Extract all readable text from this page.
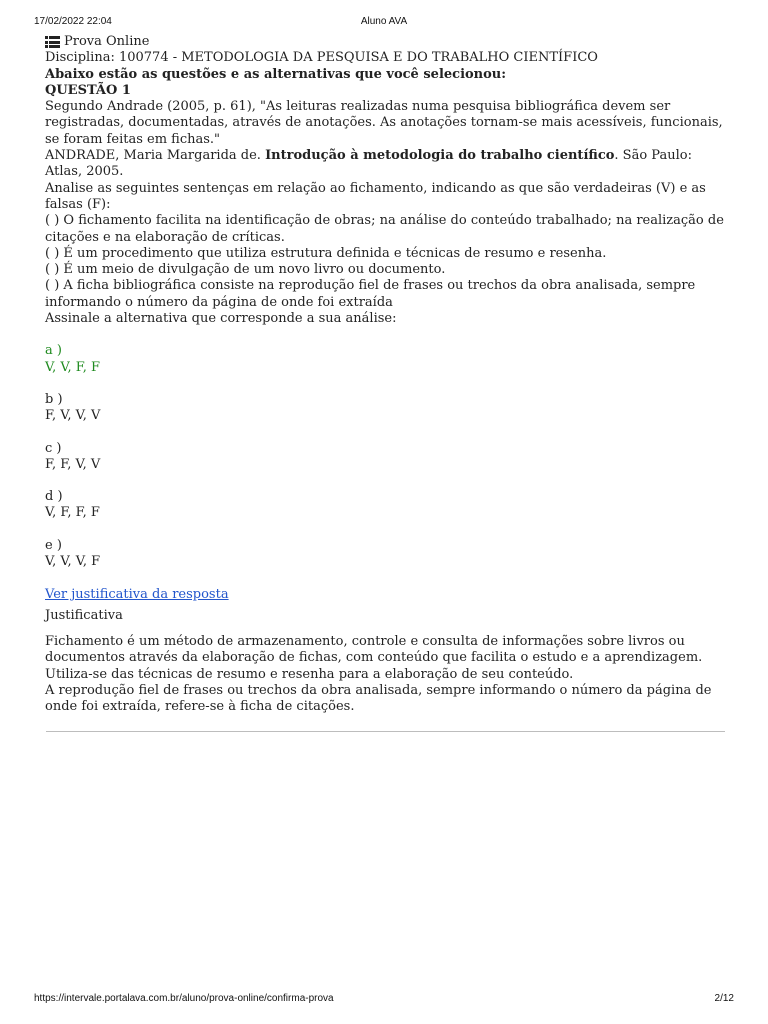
17/02/2022 22:04	Aluno AVA
Prova Online
Disciplina: 100774 - METODOLOGIA DA PESQUISA E DO TRABALHO CIENTÍFICO
Abaixo estão as questões e as alternativas que você selecionou:
QUESTÃO 1
Segundo Andrade (2005, p. 61), "As leituras realizadas numa pesquisa bibliográfica devem ser registradas, documentadas, através de anotações. As anotações tornam-se mais acessíveis, funcionais, se foram feitas em fichas."
ANDRADE, Maria Margarida de. Introdução à metodologia do trabalho científico. São Paulo: Atlas, 2005.
Analise as seguintes sentenças em relação ao fichamento, indicando as que são verdadeiras (V) e as falsas (F):
( ) O fichamento facilita na identificação de obras; na análise do conteúdo trabalhado; na realização de citações e na elaboração de críticas.
( ) É um procedimento que utiliza estrutura definida e técnicas de resumo e resenha.
( ) É um meio de divulgação de um novo livro ou documento.
( ) A ficha bibliográfica consiste na reprodução fiel de frases ou trechos da obra analisada, sempre informando o número da página de onde foi extraída
Assinale a alternativa que corresponde a sua análise:
a )
V, V, F, F
b )
F, V, V, V
c )
F, F, V, V
d )
V, F, F, F
e )
V, V, V, F
Ver justificativa da resposta
Justificativa
Fichamento é um método de armazenamento, controle e consulta de informações sobre livros ou documentos através da elaboração de fichas, com conteúdo que facilita o estudo e a aprendizagem. Utiliza-se das técnicas de resumo e resenha para a elaboração de seu conteúdo.
A reprodução fiel de frases ou trechos da obra analisada, sempre informando o número da página de onde foi extraída, refere-se à ficha de citações.
https://intervale.portalava.com.br/aluno/prova-online/confirma-prova	2/12
